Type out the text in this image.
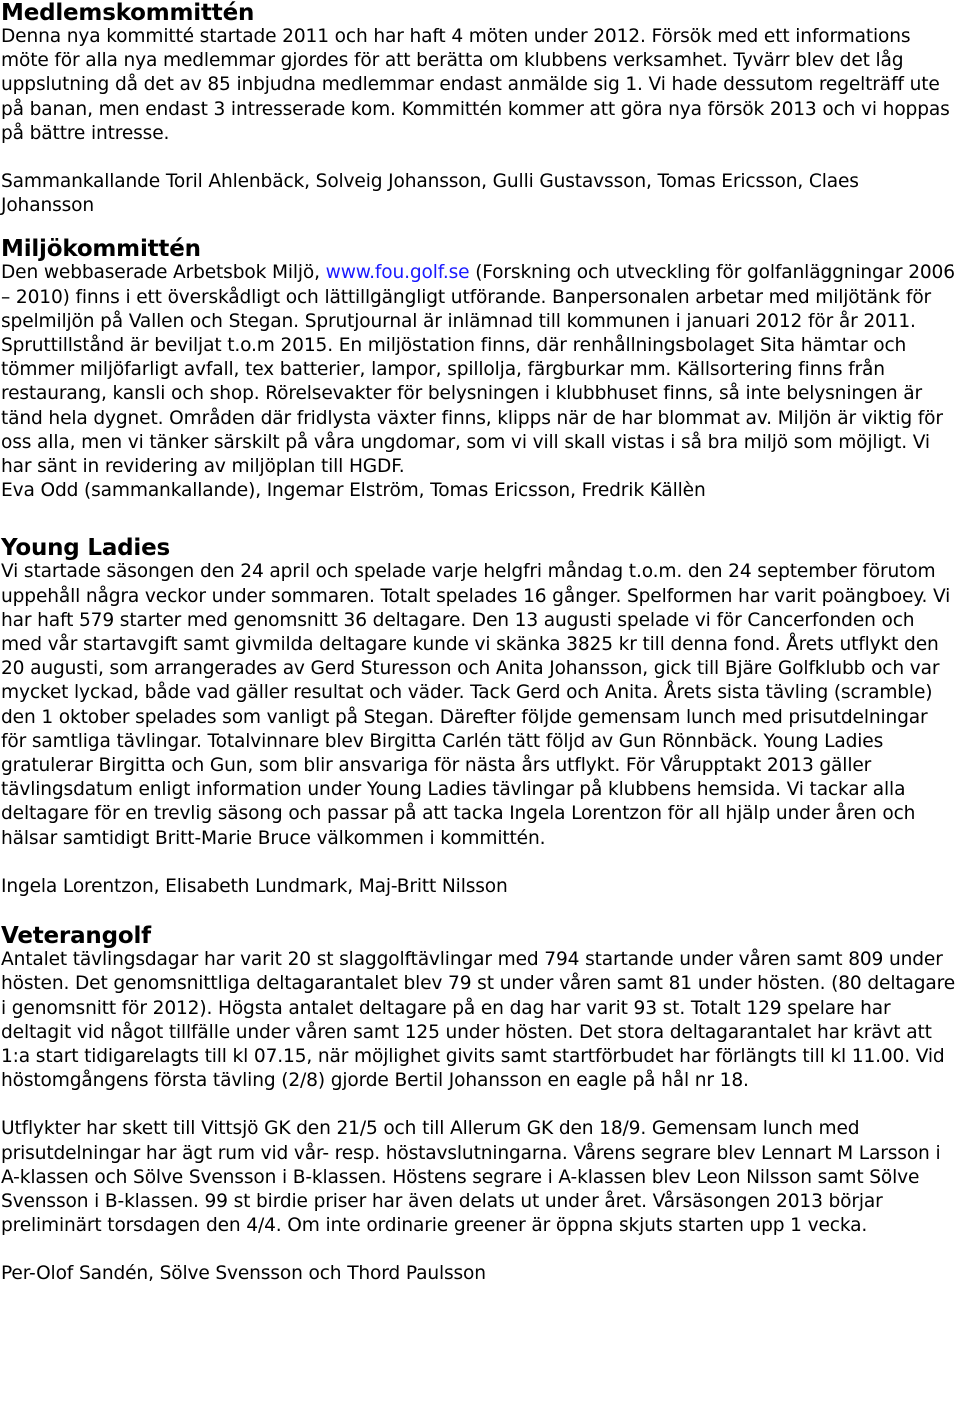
Medlemskommittén

Denna nya kommitté startade 2011 och har haft 4 möten under 2012. Försök med ett informations möte för alla nya medlemmar gjordes för att berätta om klubbens verksamhet. Tyvärr blev det låg uppslutning då det av 85 inbjudna medlemmar endast anmälde sig 1. Vi hade dessutom regelträff ute på banan, men endast 3 intresserade kom. Kommittén kommer att göra nya försök 2013 och vi hoppas på bättre intresse.

Sammankallande Toril Ahlenbäck, Solveig Johansson, Gulli Gustavsson, Tomas Ericsson, Claes Johansson

Miljökommittén

Den webbaserade Arbetsbok Miljö, www.fou.golf.se (Forskning och utveckling för golfanläggningar 2006 – 2010) finns i ett överskådligt och lättillgängligt utförande. Banpersonalen arbetar med miljötänk för spelmiljön på Vallen och Stegan. Sprutjournal är inlämnad till kommunen i januari 2012 för år 2011. Spruttillstånd är beviljat t.o.m 2015. En miljöstation finns, där renhållningsbolaget Sita hämtar och tömmer miljöfarligt avfall, tex batterier, lampor, spillolja, färgburkar mm. Källsortering finns från restaurang, kansli och shop. Rörelsevakter för belysningen i klubbhuset finns, så inte belysningen är tänd hela dygnet. Områden där fridlysta växter finns, klipps när de har blommat av. Miljön är viktig för oss alla, men vi tänker särskilt på våra ungdomar, som vi vill skall vistas i så bra miljö som möjligt. Vi har sänt in revidering av miljöplan till HGDF.

Eva Odd (sammankallande), Ingemar Elström, Tomas Ericsson, Fredrik Källèn

Young Ladies

Vi startade säsongen den 24 april och spelade varje helgfri måndag t.o.m. den 24 september förutom uppehåll några veckor under sommaren. Totalt spelades 16 gånger. Spelformen har varit poängboey. Vi har haft 579 starter med genomsnitt 36 deltagare. Den 13 augusti spelade vi för Cancerfonden och med vår startavgift samt givmilda deltagare kunde vi skänka 3825 kr till denna fond. Årets utflykt den 20 augusti, som arrangerades av Gerd Sturesson och Anita Johansson, gick till Bjäre Golfklubb och var mycket lyckad, både vad gäller resultat och väder. Tack Gerd och Anita. Årets sista tävling (scramble) den 1 oktober spelades som vanligt på Stegan. Därefter följde gemensam lunch med prisutdelningar för samtliga tävlingar. Totalvinnare blev Birgitta Carlén tätt följd av Gun Rönnbäck. Young Ladies gratulerar Birgitta och Gun, som blir ansvariga för nästa års utflykt. För Vårupptakt 2013 gäller tävlingsdatum enligt information under Young Ladies tävlingar på klubbens hemsida. Vi tackar alla deltagare för en trevlig säsong och passar på att tacka Ingela Lorentzon för all hjälp under åren och hälsar samtidigt Britt-Marie Bruce välkommen i kommittén.

Ingela Lorentzon, Elisabeth Lundmark, Maj-Britt Nilsson

Veterangolf

Antalet tävlingsdagar har varit 20 st slaggolftävlingar med 794 startande under våren samt 809 under hösten. Det genomsnittliga deltagarantalet blev 79 st under våren samt 81 under hösten. (80 deltagare i genomsnitt för 2012). Högsta antalet deltagare på en dag har varit 93 st. Totalt 129 spelare har deltagit vid något tillfälle under våren samt 125 under hösten. Det stora deltagarantalet har krävt att 1:a start tidigarelagts till kl 07.15, när möjlighet givits samt startförbudet har förlängts till kl 11.00. Vid höstomgångens första tävling (2/8) gjorde Bertil Johansson en eagle på hål nr 18.

Utflykter har skett till Vittsjö GK den 21/5 och till Allerum GK den 18/9. Gemensam lunch med prisutdelningar har ägt rum vid vår- resp. höstavslutningarna. Vårens segrare blev Lennart M Larsson i A-klassen och Sölve Svensson i B-klassen. Höstens segrare i A-klassen blev Leon Nilsson samt Sölve Svensson i B-klassen. 99 st birdie priser har även delats ut under året. Vårsäsongen 2013 börjar preliminärt torsdagen den 4/4. Om inte ordinarie greener är öppna skjuts starten upp 1 vecka.

Per-Olof Sandén, Sölve Svensson och Thord Paulsson
